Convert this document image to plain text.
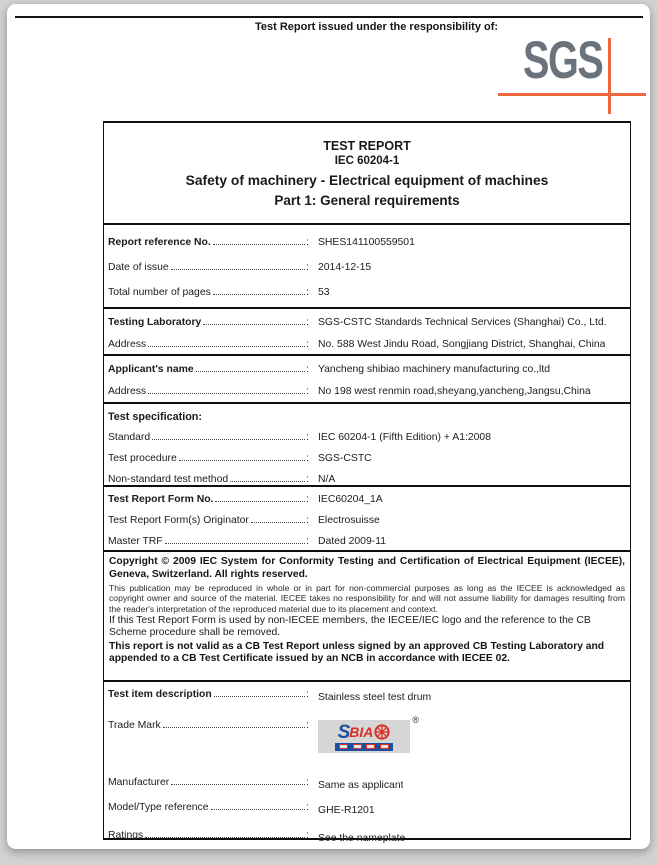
Test Report issued under the responsibility of:
SGS
TEST REPORT
IEC 60204-1
Safety of machinery - Electrical equipment of machines
Part 1: General requirements
Report reference No.	: SHES141100559501
Date of issue	: 2014-12-15
Total number of pages	: 53
Testing Laboratory	: SGS-CSTC Standards Technical Services (Shanghai) Co., Ltd.
Address	: No. 588 West Jindu Road, Songjiang District, Shanghai, China
Applicant's name	: Yancheng shibiao machinery manufacturing co.,ltd
Address	: No 198 west renmin road,sheyang,yancheng,Jangsu,China
Test specification:
Standard	: IEC 60204-1 (Fifth Edition) + A1:2008
Test procedure	: SGS-CSTC
Non-standard test method	: N/A
Test Report Form No.	: IEC60204_1A
Test Report Form(s) Originator	: Electrosuisse
Master TRF	: Dated 2009-11
Copyright © 2009 IEC System for Conformity Testing and Certification of Electrical Equipment (IECEE), Geneva, Switzerland. All rights reserved.
This publication may be reproduced in whole or in part for non-commercial purposes as long as the IECEE is acknowledged as copyright owner and source of the material. IECEE takes no responsibility for and will not assume liability for damages resulting from the reader's interpretation of the reproduced material due to its placement and context.
If this Test Report Form is used by non-IECEE members, the IECEE/IEC logo and the reference to the CB Scheme procedure shall be removed.
This report is not valid as a CB Test Report unless signed by an approved CB Testing Laboratory and appended to a CB Test Certificate issued by an NCB in accordance with IECEE 02.
Test item description	: Stainless steel test drum
Trade Mark	:	®
S BIA
Manufacturer	: Same as applicant
Model/Type reference	: GHE-R1201
Ratings	: See the nameplate
